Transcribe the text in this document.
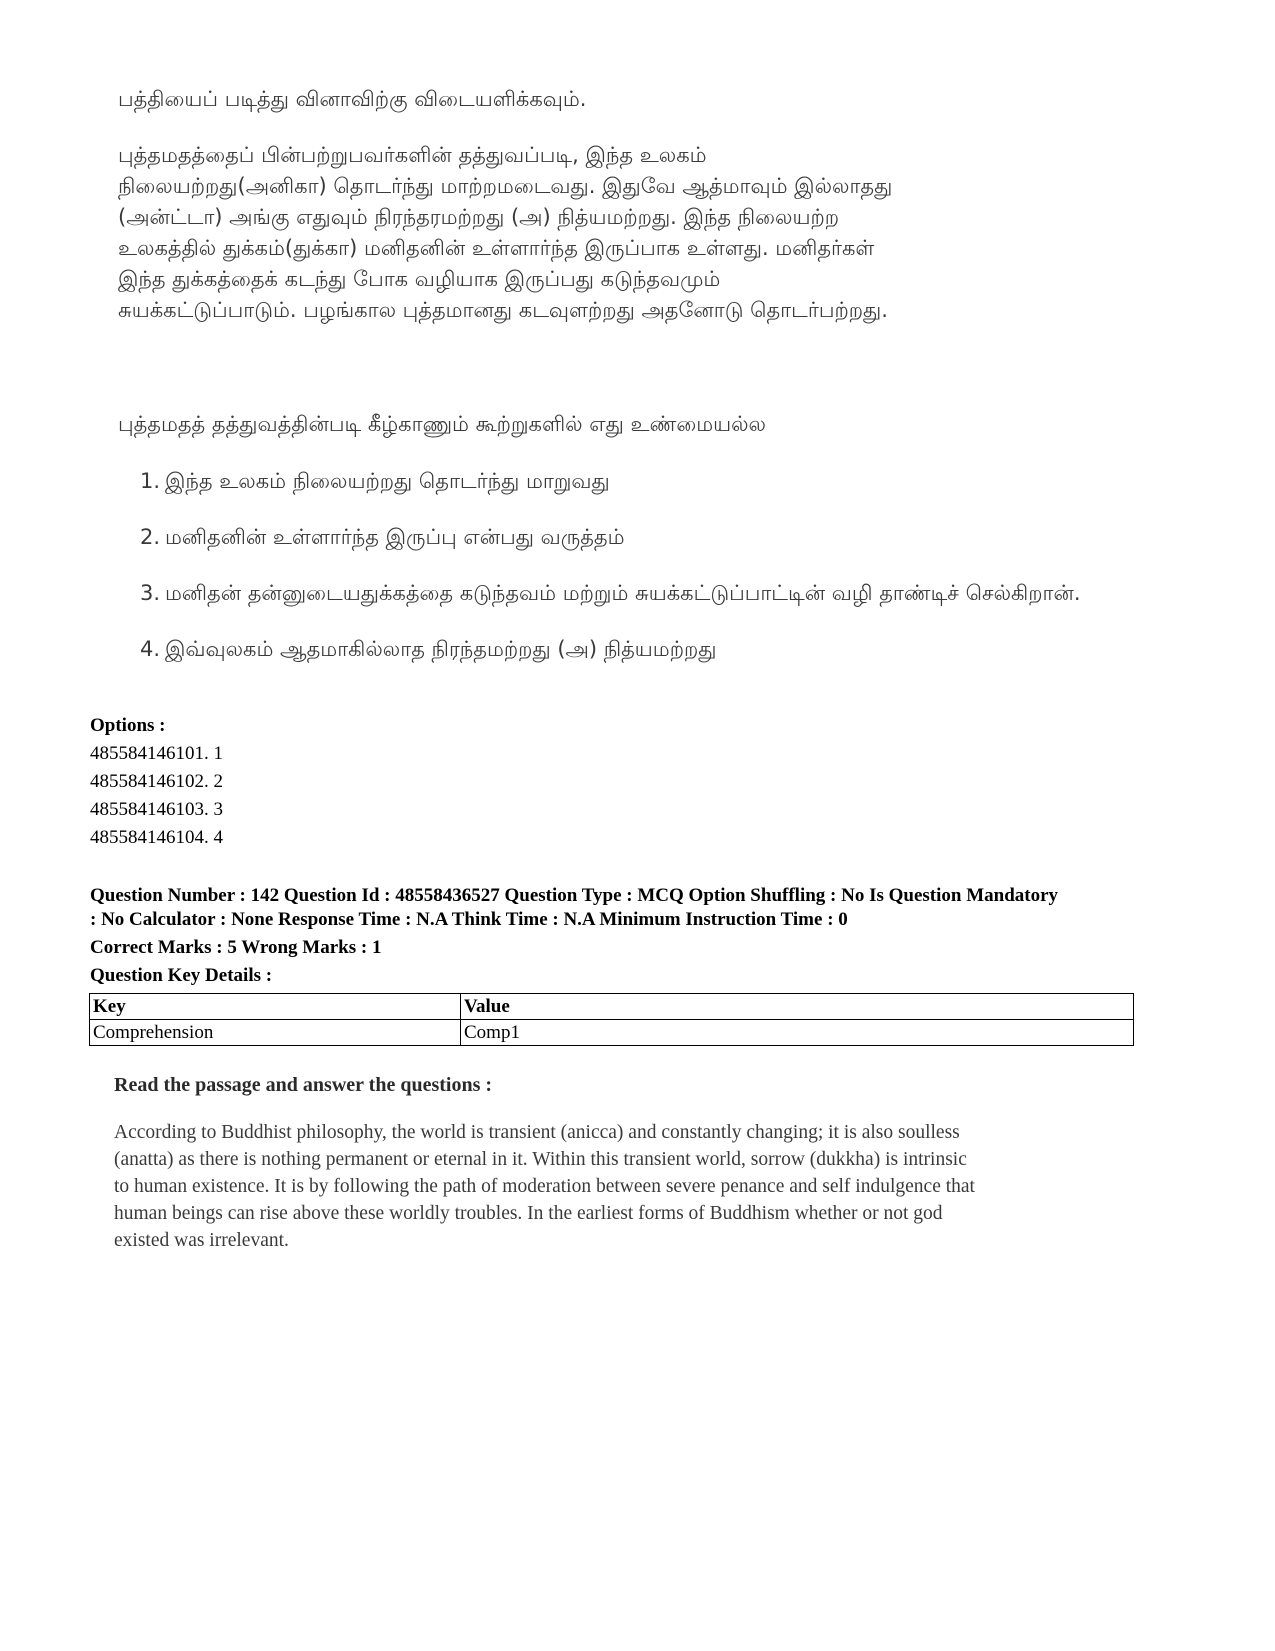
பத்தியைப் படித்து வினாவிற்கு விடையளிக்கவும்.

புத்தமதத்தைப் பின்பற்றுபவர்களின் தத்துவப்படி, இந்த உலகம்

நிலையற்றது(அனிகா) தொடர்ந்து மாற்றமடைவது. இதுவே ஆத்மாவும் இல்லாதது

(அன்ட்டா) அங்கு எதுவும் நிரந்தரமற்றது (அ) நித்யமற்றது. இந்த நிலையற்ற

உலகத்தில் துக்கம்(துக்கா) மனிதனின் உள்ளார்ந்த இருப்பாக உள்ளது. மனிதர்கள்

இந்த துக்கத்தைக் கடந்து போக வழியாக இருப்பது கடுந்தவமும்

சுயக்கட்டுப்பாடும். பழங்கால புத்தமானது கடவுளற்றது அதனோடு தொடர்பற்றது.

புத்தமதத் தத்துவத்தின்படி கீழ்காணும் கூற்றுகளில் எது உண்மையல்ல
1. இந்த உலகம் நிலையற்றது தொடர்ந்து மாறுவது
2. மனிதனின் உள்ளார்ந்த இருப்பு என்பது வருத்தம்
3. மனிதன் தன்னுடையதுக்கத்தை கடுந்தவம் மற்றும் சுயக்கட்டுப்பாட்டின் வழி தாண்டிச் செல்கிறான்.
4. இவ்வுலகம் ஆதமாகில்லாத நிரந்தமற்றது (அ) நித்யமற்றது
Options :
485584146101. 1
485584146102. 2
485584146103. 3
485584146104. 4

Question Number : 142 Question Id : 48558436527 Question Type : MCQ Option Shuffling : No Is Question Mandatory

: No Calculator : None Response Time : N.A Think Time : N.A Minimum Instruction Time : 0

Correct Marks : 5 Wrong Marks : 1
Question Key Details :
Key	Value
Comprehension	Comp1

Read the passage and answer the questions :

According to Buddhist philosophy, the world is transient (anicca) and constantly changing; it is also soulless

(anatta) as there is nothing permanent or eternal in it. Within this transient world, sorrow (dukkha) is intrinsic

to human existence. It is by following the path of moderation between severe penance and self indulgence that

human beings can rise above these worldly troubles. In the earliest forms of Buddhism whether or not god

existed was irrelevant.
